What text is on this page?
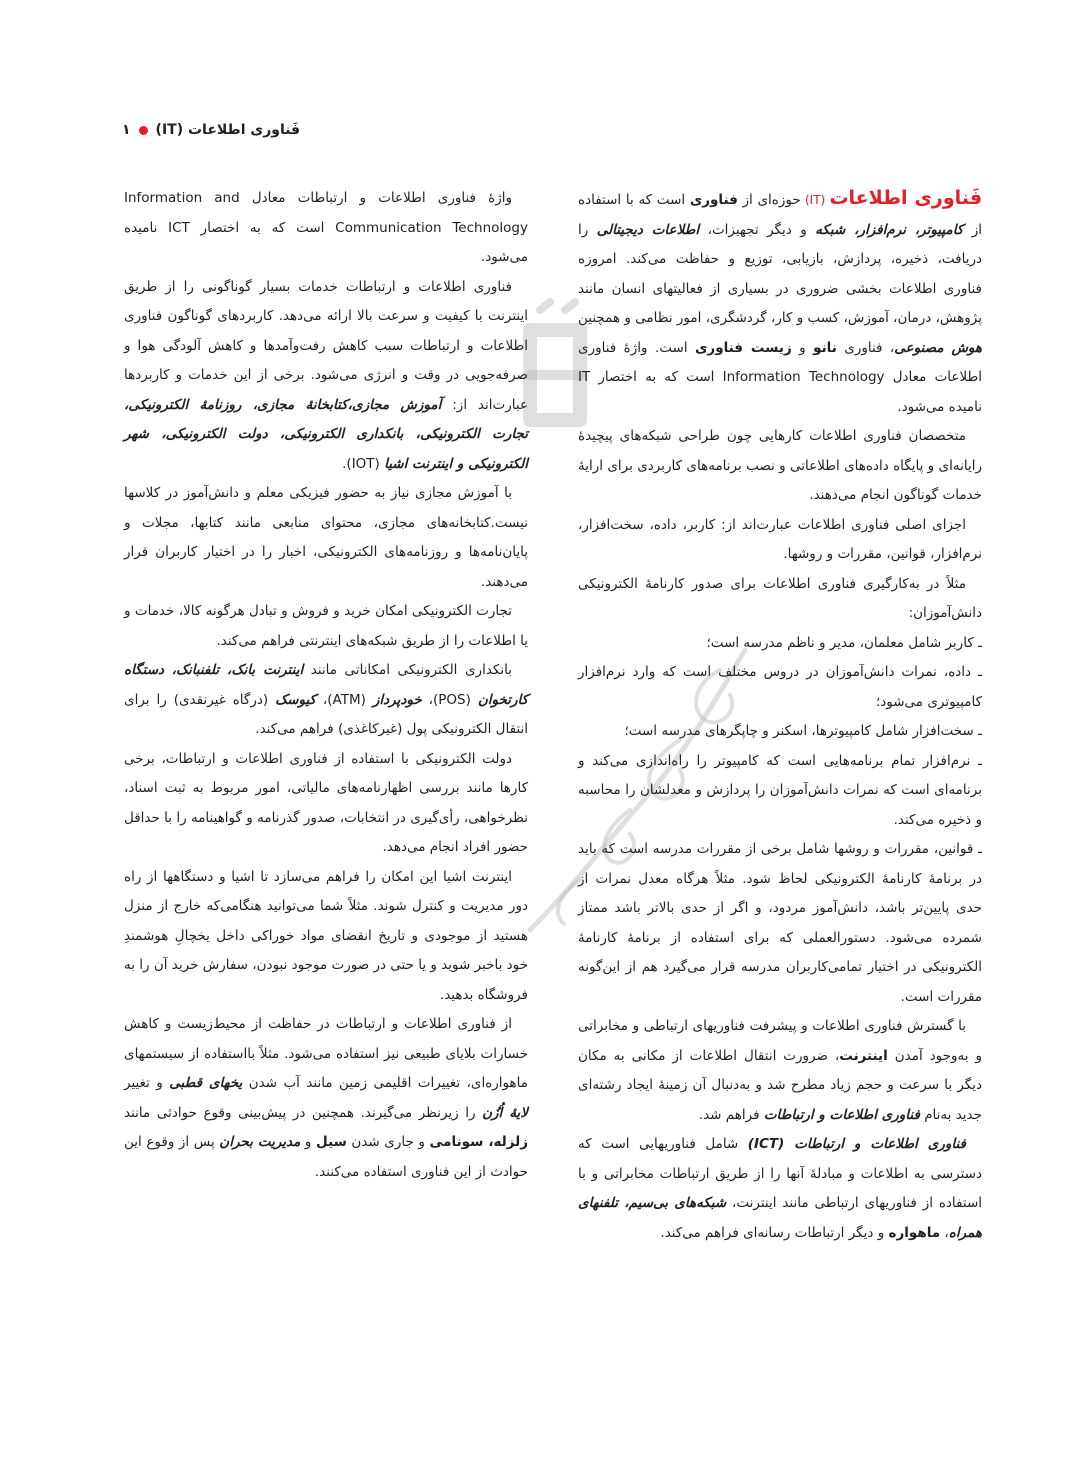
فَناوری اطلاعات (IT)
۱

فَناوری اطلاعات (IT) حوزه‌ای از فناوری است که با استفاده از کامپیوتر، نرم‌افزار، شبکه و دیگر تجهیزات، اطلاعات دیجیتالی را دریافت، ذخیره، پردازش، بازیابی، توزیع و حفاظت می‌کند. امروزه فناوری اطلاعات بخشی ضروری در بسیاری از فعالیتهای انسان مانند پژوهش، درمان، آموزش، کسب و کار، گردشگری، امور نظامی و همچنین هوش مصنوعی، فناوری نانو و زیست فناوری است. واژهٔ فناوری اطلاعات معادل Information Technology است که به اختصار IT نامیده می‌شود.

متخصصان فناوری اطلاعات کارهایی چون طراحی شبکه‌های پیچیدهٔ رایانه‌ای و پایگاه داده‌های اطلاعاتی و نصب برنامه‌های کاربردی برای ارایهٔ خدمات گوناگون انجام می‌دهند.

اجزای اصلی فناوری اطلاعات عبارت‌اند از: کاربر، داده، سخت‌افزار، نرم‌افزار، قوانین، مقررات و روشها.

مثلاً در به‌کارگیری فناوری اطلاعات برای صدور کارنامهٔ الکترونیکی دانش‌آموزان:

ـ کاربر شامل معلمان، مدیر و ناظم مدرسه است؛

ـ داده، نمرات دانش‌آموزان در دروس مختلف است که وارد نرم‌افزار کامپیوتری می‌شود؛

ـ سخت‌افزار شامل کامپیوترها، اسکنر و چاپگرهای مدرسه است؛

ـ نرم‌افزار تمام برنامه‌هایی است که کامپیوتر را راه‌اندازی می‌کند و برنامه‌ای است که نمرات دانش‌آموزان را پردازش و معدلشان را محاسبه و ذخیره می‌کند.

ـ قوانین، مقررات و روشها شامل برخی از مقررات مدرسه است که باید در برنامهٔ کارنامهٔ الکترونیکی لحاظ شود. مثلاً هرگاه معدل نمرات از حدی پایین‌تر باشد، دانش‌آموز مردود، و اگر از حدی بالاتر باشد ممتاز شمرده می‌شود. دستورالعملی که برای استفاده از برنامهٔ کارنامهٔ الکترونیکی در اختیار تمامی‌کاربران مدرسه قرار می‌گیرد هم از این‌گونه مقررات است.

با گسترش فناوری اطلاعات و پیشرفت فناوریهای ارتباطی و مخابراتی و به‌وجود آمدن اینترنت، ضرورت انتقال اطلاعات از مکانی به مکان دیگر با سرعت و حجم زیاد مطرح شد و به‌دنبال آن زمینهٔ ایجاد رشته‌ای جدید به‌نام فناوری اطلاعات و ارتباطات فراهم شد.

فناوری اطلاعات و ارتباطات (ICT) شامل فناوریهایی است که دسترسی به اطلاعات و مبادلهٔ آنها را از طریق ارتباطات مخابراتی و با استفاده از فناوریهای ارتباطی مانند اینترنت، شبکه‌های بی‌سیم، تلفنهای همراه، ماهواره و دیگر ارتباطات رسانه‌ای فراهم می‌کند.

واژهٔ فناوری اطلاعات و ارتباطات معادل Information and Communication Technology است که به اختصار ICT نامیده می‌شود.

فناوری اطلاعات و ارتباطات خدمات بسیار گوناگونی را از طریق اینترنت با کیفیت و سرعت بالا ارائه می‌دهد. کاربردهای گوناگون فناوری اطلاعات و ارتباطات سبب کاهش رفت‌وآمدها و کاهش آلودگی هوا و صرفه‌جویی در وقت و انرژی می‌شود. برخی از این خدمات و کاربردها عبارت‌اند از: آموزش مجازی،کتابخانهٔ مجازی، روزنامهٔ الکترونیکی، تجارت الکترونیکی، بانکداری الکترونیکی، دولت الکترونیکی، شهر الکترونیکی و اینترنت اشیا (IOT).

با آموزش مجازی نیاز به حضور فیزیکی معلم و دانش‌آموز در کلاسها نیست.کتابخانه‌های مجازی، محتوای منابعی مانند کتابها، مجلات و پایان‌نامه‌ها و روزنامه‌های الکترونیکی، اخبار را در اختیار کاربران قرار می‌دهند.

تجارت الکترونیکی امکان خرید و فروش و تبادل هرگونه کالا، خدمات و یا اطلاعات را از طریق شبکه‌های اینترنتی فراهم می‌کند.

بانکداری الکترونیکی امکاناتی مانند اینترنت بانک، تلفنبانک، دستگاه کارتخوان (POS)، خودپرداز (ATM)، کیوسک (درگاه غیرنقدی) را برای انتقال الکترونیکی پول (غیرکاغذی) فراهم می‌کند.

دولت الکترونیکی با استفاده از فناوری اطلاعات و ارتباطات، برخی کارها مانند بررسی اظهارنامه‌های مالیاتی، امور مربوط به ثبت اسناد، نظرخواهی، رأی‌گیری در انتخابات، صدور گذرنامه و گواهینامه را با حداقل حضور افراد انجام می‌دهد.

اینترنت اشیا این امکان را فراهم می‌سازد تا اشیا و دستگاهها از راه دور مدیریت و کنترل شوند. مثلاً شما می‌توانید هنگامی‌که خارج از منزل هستید از موجودی و تاریخ انقضای مواد خوراکی داخل یخچالِ هوشمندِ خود باخبر شوید و یا حتی در صورت موجود نبودن، سفارش خرید آن را به فروشگاه بدهید.

از فناوری اطلاعات و ارتباطات در حفاظت از محیط‌زیست و کاهش خسارات بلایای طبیعی نیز استفاده می‌شود. مثلاً بااستفاده از سیستمهای ماهواره‌ای، تغییرات اقلیمی زمین مانند آب شدن یخهای قطبی و تغییر لایهٔ اُزُن را زیرنظر می‌گیرند. همچنین در پیش‌بینی وقوع حوادثی مانند زلزله، سونامی و جاری شدن سیل و مدیریت بحران پس از وقوع این حوادث از این فناوری استفاده می‌کنند.
